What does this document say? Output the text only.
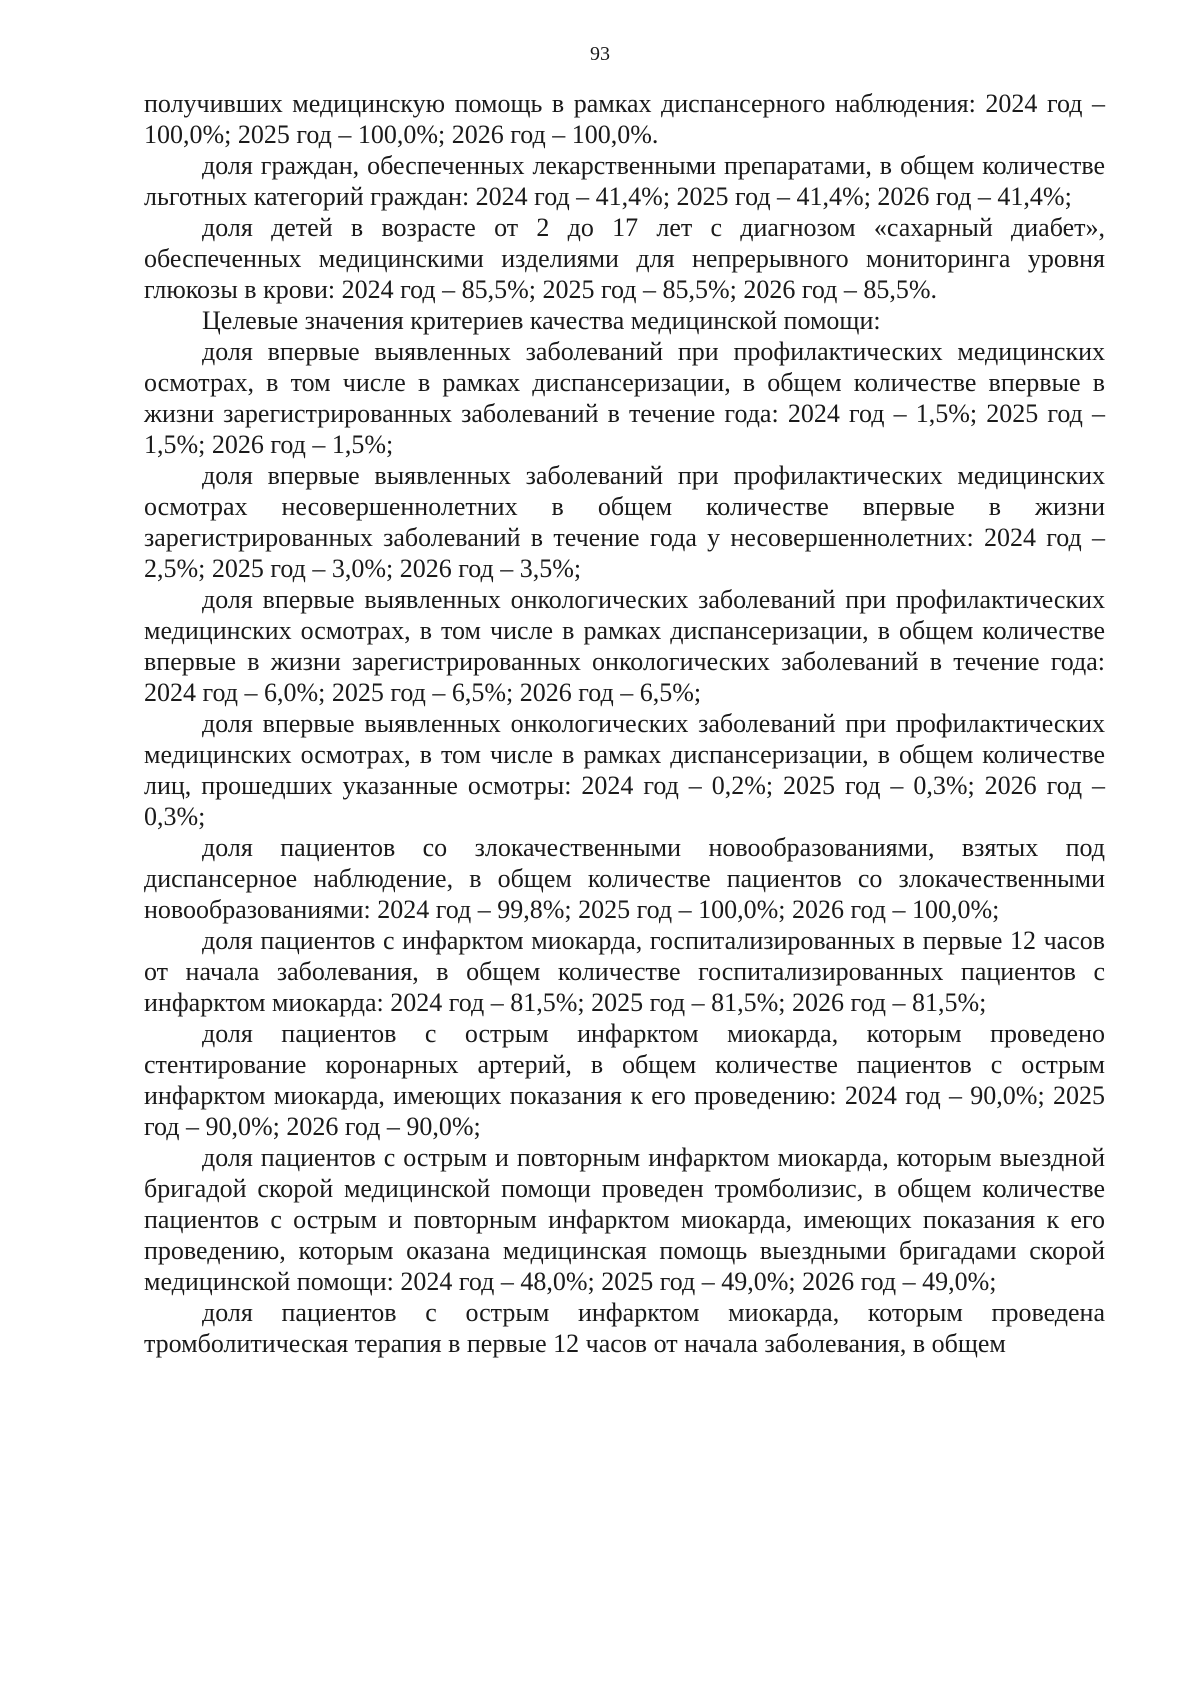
93

получивших медицинскую помощь в рамках диспансерного наблюдения: 2024 год – 100,0%; 2025 год – 100,0%; 2026 год – 100,0%.

доля граждан, обеспеченных лекарственными препаратами, в общем количестве льготных категорий граждан: 2024 год – 41,4%; 2025 год – 41,4%; 2026 год – 41,4%;

доля детей в возрасте от 2 до 17 лет с диагнозом «сахарный диабет», обеспеченных медицинскими изделиями для непрерывного мониторинга уровня глюкозы в крови: 2024 год – 85,5%; 2025 год – 85,5%; 2026 год – 85,5%.

Целевые значения критериев качества медицинской помощи:

доля впервые выявленных заболеваний при профилактических медицинских осмотрах, в том числе в рамках диспансеризации, в общем количестве впервые в жизни зарегистрированных заболеваний в течение года: 2024 год – 1,5%; 2025 год – 1,5%; 2026 год – 1,5%;

доля впервые выявленных заболеваний при профилактических медицинских осмотрах несовершеннолетних в общем количестве впервые в жизни зарегистрированных заболеваний в течение года у несовершеннолетних: 2024 год – 2,5%; 2025 год – 3,0%; 2026 год – 3,5%;

доля впервые выявленных онкологических заболеваний при профилактических медицинских осмотрах, в том числе в рамках диспансеризации, в общем количестве впервые в жизни зарегистрированных онкологических заболеваний в течение года: 2024 год – 6,0%; 2025 год – 6,5%; 2026 год – 6,5%;

доля впервые выявленных онкологических заболеваний при профилактических медицинских осмотрах, в том числе в рамках диспансеризации, в общем количестве лиц, прошедших указанные осмотры: 2024 год – 0,2%; 2025 год – 0,3%; 2026 год – 0,3%;

доля пациентов со злокачественными новообразованиями, взятых под диспансерное наблюдение, в общем количестве пациентов со злокачественными новообразованиями: 2024 год – 99,8%; 2025 год – 100,0%; 2026 год – 100,0%;

доля пациентов с инфарктом миокарда, госпитализированных в первые 12 часов от начала заболевания, в общем количестве госпитализированных пациентов с инфарктом миокарда: 2024 год – 81,5%; 2025 год – 81,5%; 2026 год – 81,5%;

доля пациентов с острым инфарктом миокарда, которым проведено стентирование коронарных артерий, в общем количестве пациентов с острым инфарктом миокарда, имеющих показания к его проведению: 2024 год – 90,0%; 2025 год – 90,0%; 2026 год – 90,0%;

доля пациентов с острым и повторным инфарктом миокарда, которым выездной бригадой скорой медицинской помощи проведен тромболизис, в общем количестве пациентов с острым и повторным инфарктом миокарда, имеющих показания к его проведению, которым оказана медицинская помощь выездными бригадами скорой медицинской помощи: 2024 год – 48,0%; 2025 год – 49,0%; 2026 год – 49,0%;

доля пациентов с острым инфарктом миокарда, которым проведена тромболитическая терапия в первые 12 часов от начала заболевания, в общем
